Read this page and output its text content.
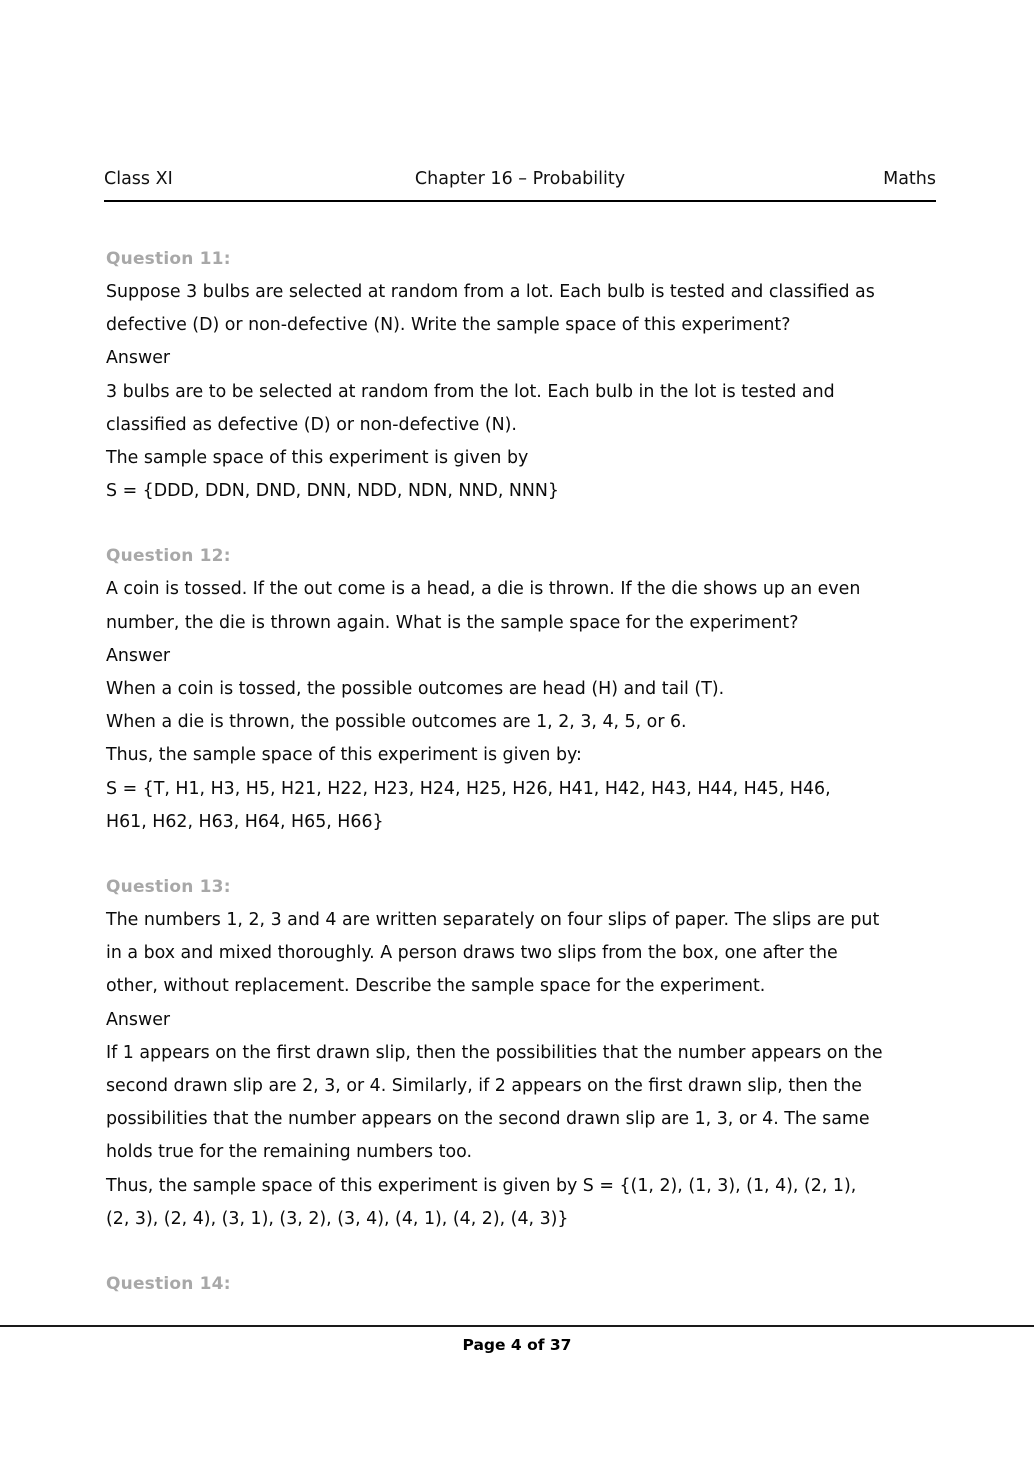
Class XI	Chapter 16 – Probability	Maths
Question 11:
Suppose 3 bulbs are selected at random from a lot. Each bulb is tested and classified as
defective (D) or non-defective (N). Write the sample space of this experiment?
Answer
3 bulbs are to be selected at random from the lot. Each bulb in the lot is tested and
classified as defective (D) or non-defective (N).
The sample space of this experiment is given by
S = {DDD, DDN, DND, DNN, NDD, NDN, NND, NNN}
Question 12:
A coin is tossed. If the out come is a head, a die is thrown. If the die shows up an even
number, the die is thrown again. What is the sample space for the experiment?
Answer
When a coin is tossed, the possible outcomes are head (H) and tail (T).
When a die is thrown, the possible outcomes are 1, 2, 3, 4, 5, or 6.
Thus, the sample space of this experiment is given by:
S = {T, H1, H3, H5, H21, H22, H23, H24, H25, H26, H41, H42, H43, H44, H45, H46,
H61, H62, H63, H64, H65, H66}
Question 13:
The numbers 1, 2, 3 and 4 are written separately on four slips of paper. The slips are put
in a box and mixed thoroughly. A person draws two slips from the box, one after the
other, without replacement. Describe the sample space for the experiment.
Answer
If 1 appears on the first drawn slip, then the possibilities that the number appears on the
second drawn slip are 2, 3, or 4. Similarly, if 2 appears on the first drawn slip, then the
possibilities that the number appears on the second drawn slip are 1, 3, or 4. The same
holds true for the remaining numbers too.
Thus, the sample space of this experiment is given by S = {(1, 2), (1, 3), (1, 4), (2, 1),
(2, 3), (2, 4), (3, 1), (3, 2), (3, 4), (4, 1), (4, 2), (4, 3)}
Question 14:
Page 4 of 37
